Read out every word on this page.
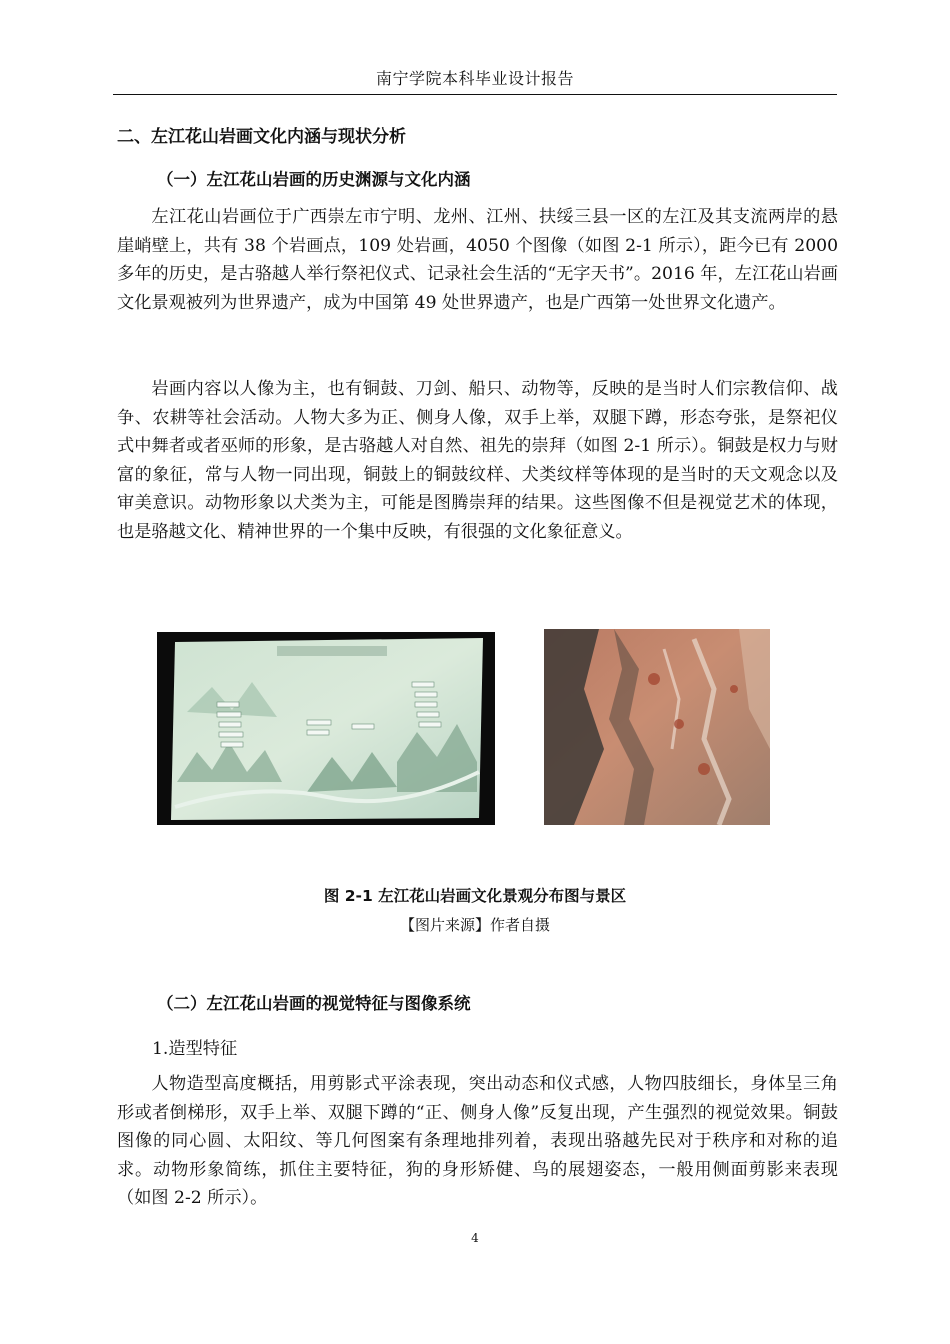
南宁学院本科毕业设计报告
二、左江花山岩画文化内涵与现状分析
（一）左江花山岩画的历史渊源与文化内涵
左江花山岩画位于广西崇左市宁明、龙州、江州、扶绥三县一区的左江及其支流两岸的悬崖峭壁上，共有 38 个岩画点，109 处岩画，4050 个图像（如图 2-1 所示），距今已有 2000 多年的历史，是古骆越人举行祭祀仪式、记录社会生活的“无字天书”。2016 年，左江花山岩画文化景观被列为世界遗产，成为中国第 49 处世界遗产，也是广西第一处世界文化遗产。
岩画内容以人像为主，也有铜鼓、刀剑、船只、动物等，反映的是当时人们宗教信仰、战争、农耕等社会活动。人物大多为正、侧身人像，双手上举，双腿下蹲，形态夸张，是祭祀仪式中舞者或者巫师的形象，是古骆越人对自然、祖先的崇拜（如图 2-1 所示）。铜鼓是权力与财富的象征，常与人物一同出现，铜鼓上的铜鼓纹样、犬类纹样等体现的是当时的天文观念以及审美意识。动物形象以犬类为主，可能是图腾崇拜的结果。这些图像不但是视觉艺术的体现，也是骆越文化、精神世界的一个集中反映，有很强的文化象征意义。
图 2-1 左江花山岩画文化景观分布图与景区
【图片来源】作者自摄
（二）左江花山岩画的视觉特征与图像系统
1.造型特征
人物造型高度概括，用剪影式平涂表现，突出动态和仪式感，人物四肢细长，身体呈三角形或者倒梯形，双手上举、双腿下蹲的“正、侧身人像”反复出现，产生强烈的视觉效果。铜鼓图像的同心圆、太阳纹、等几何图案有条理地排列着，表现出骆越先民对于秩序和对称的追求。动物形象简练，抓住主要特征，狗的身形矫健、鸟的展翅姿态，一般用侧面剪影来表现（如图 2-2 所示）。
4
